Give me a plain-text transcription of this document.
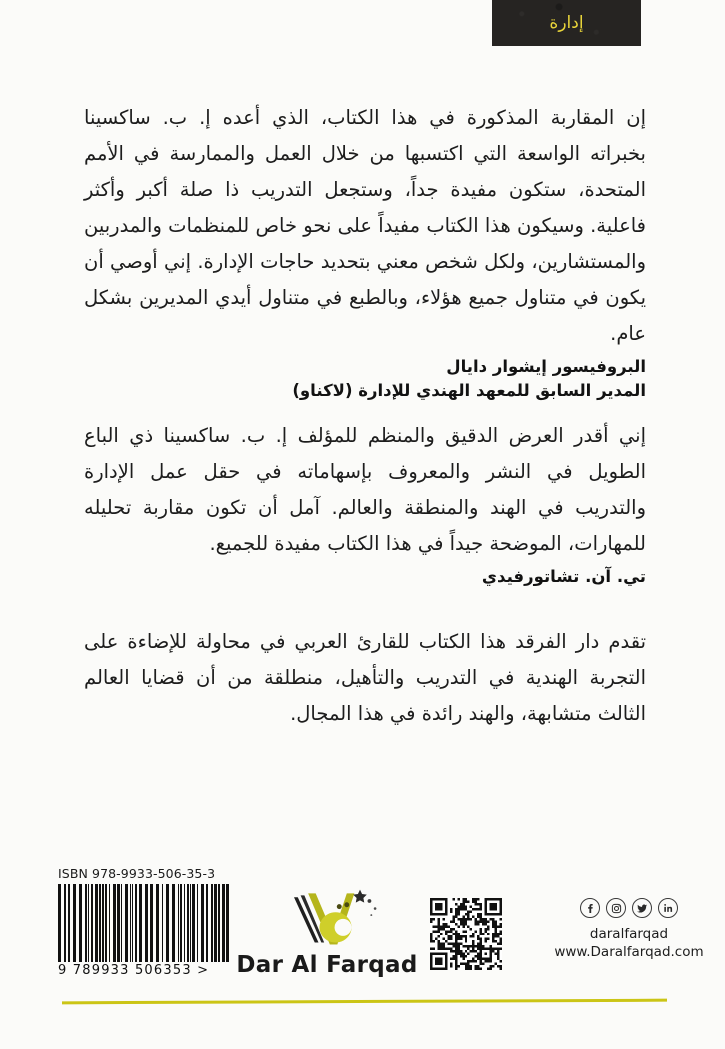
إدارة

إن المقاربة المذكورة في هذا الكتاب، الذي أعده إ. ب. ساكسينا بخبراته الواسعة التي اكتسبها من خلال العمل والممارسة في الأمم المتحدة، ستكون مفيدة جداً، وستجعل التدريب ذا صلة أكبر وأكثر فاعلية. وسيكون هذا الكتاب مفيداً على نحو خاص للمنظمات والمدربين والمستشارين، ولكل شخص معني بتحديد حاجات الإدارة. إني أوصي أن يكون في متناول جميع هؤلاء، وبالطبع في متناول أيدي المديرين بشكل عام.

البروفيسور إيشوار دايال

المدير السابق للمعهد الهندي للإدارة (لاكناو)

إني أقدر العرض الدقيق والمنظم للمؤلف إ. ب. ساكسينا ذي الباع الطويل في النشر والمعروف بإسهاماته في حقل عمل الإدارة والتدريب في الهند والمنطقة والعالم. آمل أن تكون مقاربة تحليله للمهارات، الموضحة جيداً في هذا الكتاب مفيدة للجميع.

تي. آن. تشاتورفيدي

تقدم دار الفرقد هذا الكتاب للقارئ العربي في محاولة للإضاءة على التجربة الهندية في التدريب والتأهيل، منطلقة من أن قضايا العالم الثالث متشابهة، والهند رائدة في هذا المجال.

ISBN 978-9933-506-35-3
9 789933 506353 >	Dar Al Farqad
daralfarqad
www.Daralfarqad.com
